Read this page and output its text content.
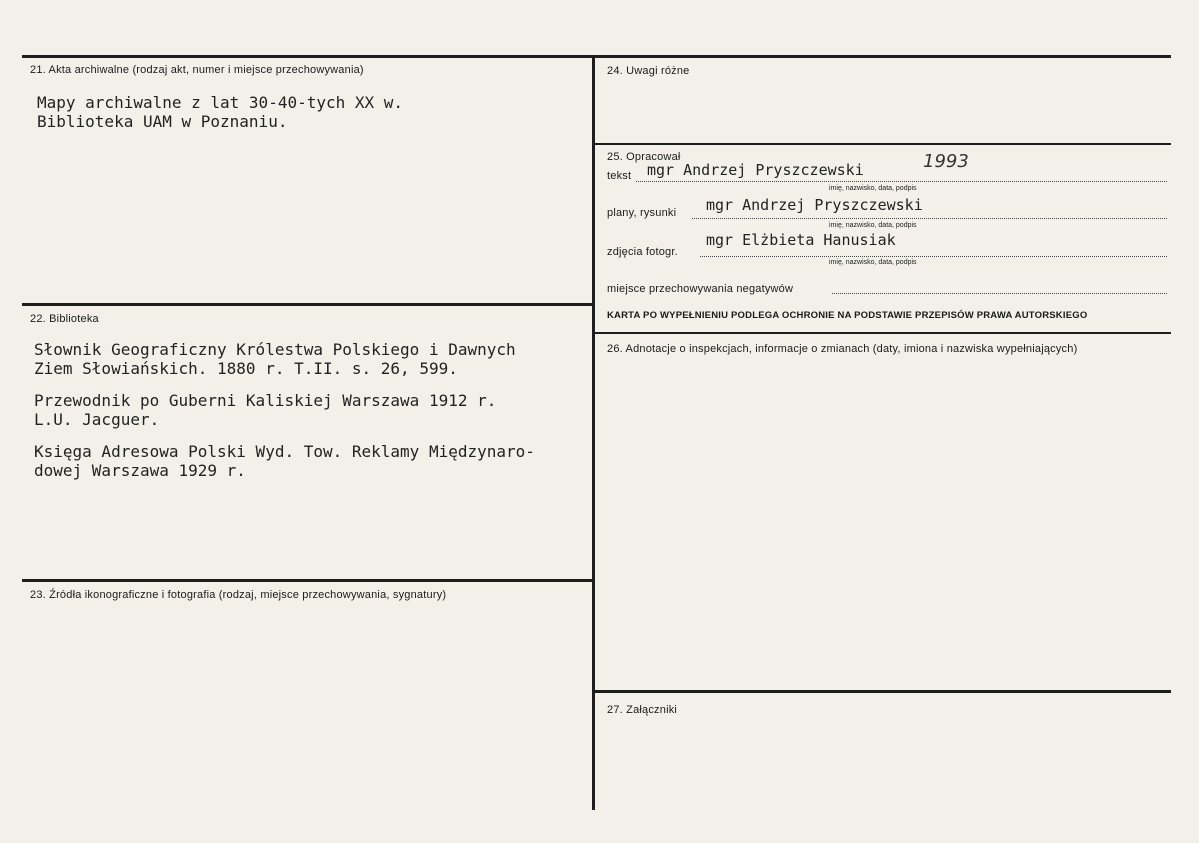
21. Akta archiwalne (rodzaj akt, numer i miejsce przechowywania)
Mapy archiwalne z lat 30-40-tych XX w.
Biblioteka UAM w Poznaniu.
22. Biblioteka
Słownik Geograficzny Królestwa Polskiego i Dawnych
Ziem Słowiańskich. 1880 r. T.II. s. 26, 599.
Przewodnik po Guberni Kaliskiej Warszawa 1912 r.
L.U. Jacguer.
Księga Adresowa Polski Wyd. Tow. Reklamy Międzynaro-
dowej Warszawa 1929 r.
23. Źródła ikonograficzne i fotografia (rodzaj, miejsce przechowywania, sygnatury)
24. Uwagi różne
25. Opracował
tekst mgr Andrzej Pryszczewski	1993
imię, nazwisko, data, podpis
plany, rysunki mgr Andrzej Pryszczewski
imię, nazwisko, data, podpis
zdjęcia fotogr.
mgr Elżbieta Hanusiak
imię, nazwisko, data, podpis
miejsce przechowywania negatywów
KARTA PO WYPEŁNIENIU PODLEGA OCHRONIE NA PODSTAWIE PRZEPISÓW PRAWA AUTORSKIEGO
26. Adnotacje o inspekcjach, informacje o zmianach (daty, imiona i nazwiska wypełniających)
27. Załączniki
